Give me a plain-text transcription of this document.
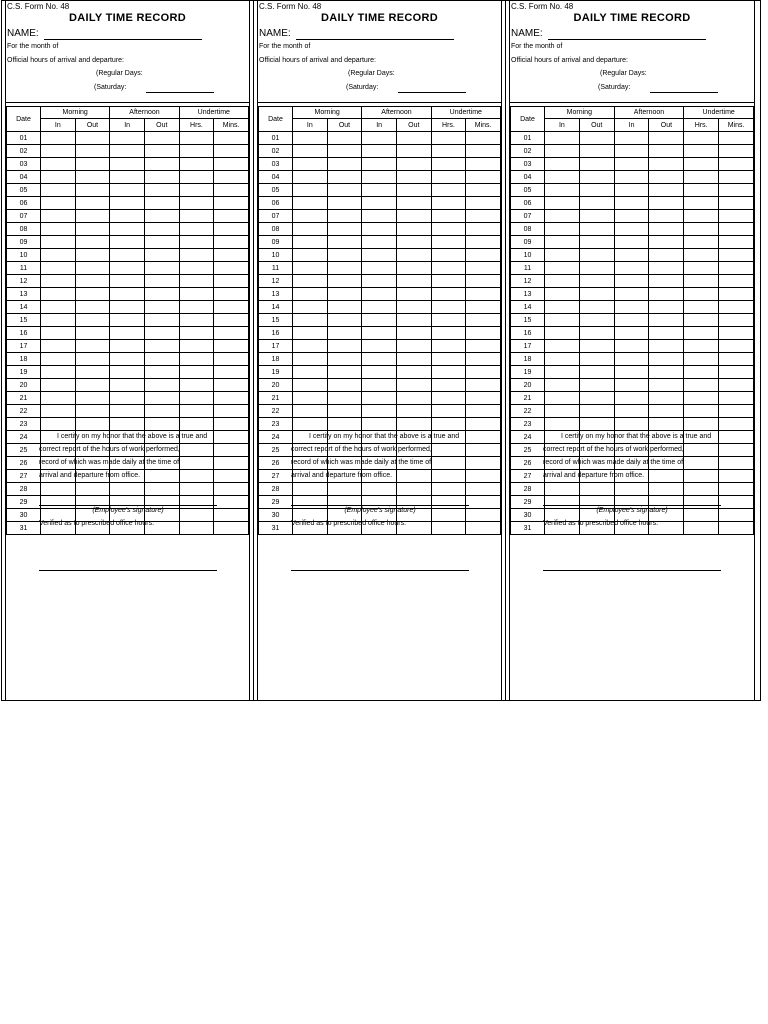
C.S. Form No. 48
DAILY TIME RECORD
NAME:
For the month of
Official hours of arrival and departure:
(Regular Days:
(Saturday:
Date	Morning		Afternoon		Undertime	
	In	Out	In	Out	Hrs.	Mins.
01						
02						
03						
04						
05						
06						
07						
08						
09						
10						
11						
12						
13						
14						
15						
16						
17						
18						
19						
20						
21						
22						
23						
24						
25						
26						
27						
28						
29						
30						
31						
I certify on my honor that the above is a true and
correct report of the hours of work performed,
record of which was made daily at the time of
arrival and departure from office.
(Employee's signature)
Verified as to prescribed office hours:
C.S. Form No. 48
DAILY TIME RECORD
NAME:
For the month of
Official hours of arrival and departure:
(Regular Days:
(Saturday:
Date	Morning		Afternoon		Undertime	
	In	Out	In	Out	Hrs.	Mins.
01						
02						
03						
04						
05						
06						
07						
08						
09						
10						
11						
12						
13						
14						
15						
16						
17						
18						
19						
20						
21						
22						
23						
24						
25						
26						
27						
28						
29						
30						
31						
I certify on my honor that the above is a true and
correct report of the hours of work performed,
record of which was made daily at the time of
arrival and departure from office.
(Employee's signature)
Verified as to prescribed office hours:
C.S. Form No. 48
DAILY TIME RECORD
NAME:
For the month of
Official hours of arrival and departure:
(Regular Days:
(Saturday:
Date	Morning		Afternoon		Undertime	
	In	Out	In	Out	Hrs.	Mins.
01						
02						
03						
04						
05						
06						
07						
08						
09						
10						
11						
12						
13						
14						
15						
16						
17						
18						
19						
20						
21						
22						
23						
24						
25						
26						
27						
28						
29						
30						
31						
I certify on my honor that the above is a true and
correct report of the hours of work performed,
record of which was made daily at the time of
arrival and departure from office.
(Employee's signature)
Verified as to prescribed office hours:
